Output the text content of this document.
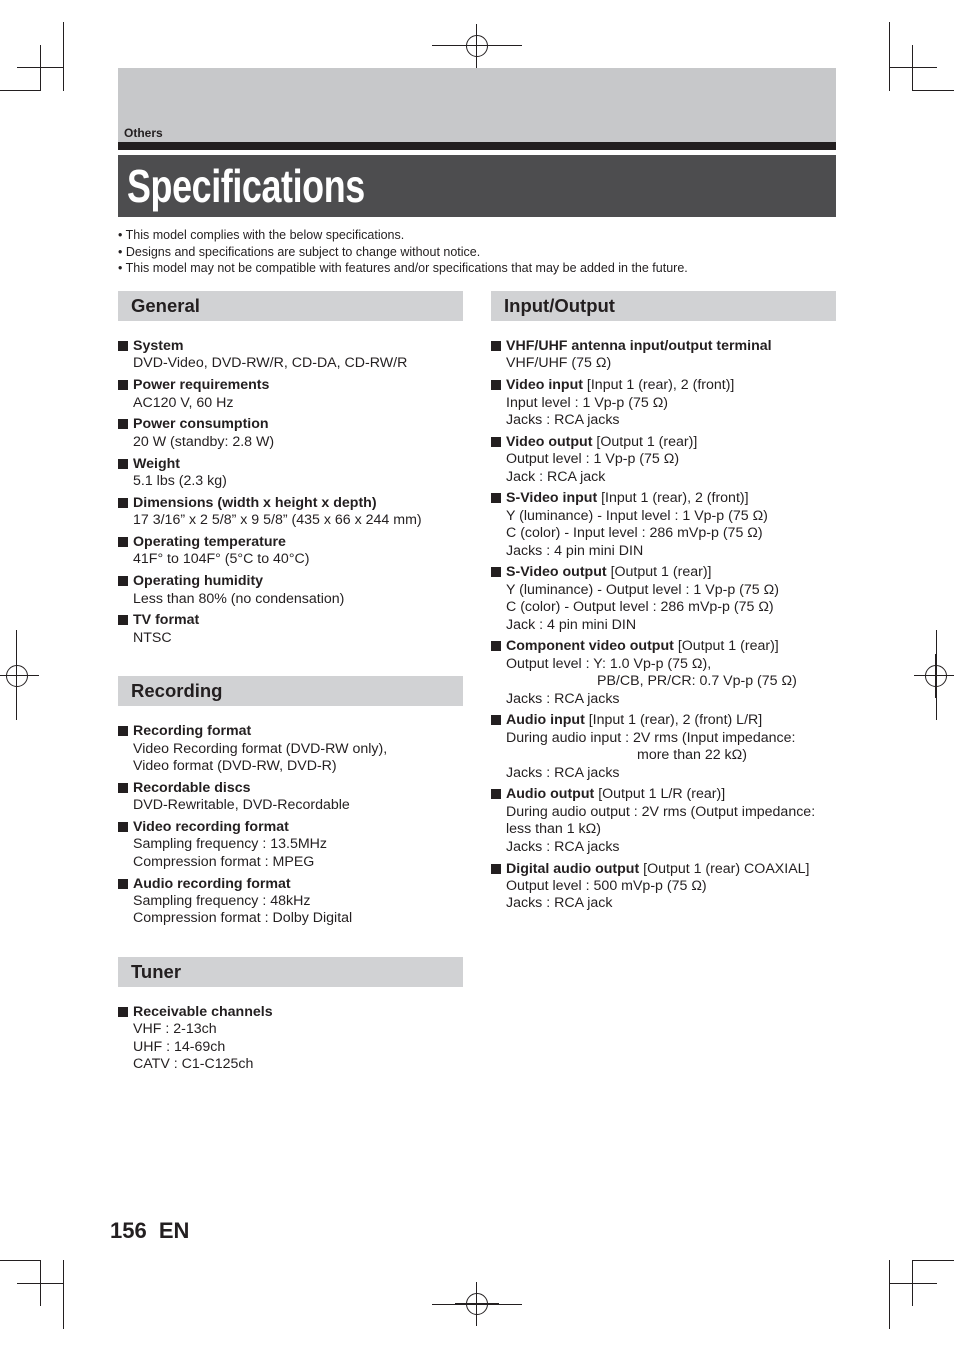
Others
Specifications
• This model complies with the below specifications.
• Designs and specifications are subject to change without notice.
• This model may not be compatible with features and/or specifications that may be added in the future.
General
System
DVD-Video, DVD-RW/R, CD-DA, CD-RW/R
Power requirements
AC120 V, 60 Hz
Power consumption
20 W (standby: 2.8 W)
Weight
5.1 lbs (2.3 kg)
Dimensions (width x height x depth)
17 3/16” x 2 5/8” x 9 5/8” (435 x 66 x 244 mm)
Operating temperature
41F° to 104F° (5°C to 40°C)
Operating humidity
Less than 80% (no condensation)
TV format
NTSC
Recording
Recording format
Video Recording format (DVD-RW only),
Video format (DVD-RW, DVD-R)
Recordable discs
DVD-Rewritable, DVD-Recordable
Video recording format
Sampling frequency : 13.5MHz
Compression format : MPEG
Audio recording format
Sampling frequency : 48kHz
Compression format : Dolby Digital
Tuner
Receivable channels
VHF : 2-13ch
UHF : 14-69ch
CATV : C1-C125ch
Input/Output
VHF/UHF antenna input/output terminal
VHF/UHF (75 Ω)
Video input [Input 1 (rear), 2 (front)]
Input level : 1 Vp-p (75 Ω)
Jacks : RCA jacks
Video output [Output 1 (rear)]
Output level : 1 Vp-p (75 Ω)
Jack : RCA jack
S-Video input [Input 1 (rear), 2 (front)]
Y (luminance) - Input level : 1 Vp-p (75 Ω)
C (color) - Input level : 286 mVp-p (75 Ω)
Jacks : 4 pin mini DIN
S-Video output [Output 1 (rear)]
Y (luminance) - Output level : 1 Vp-p (75 Ω)
C (color) - Output level : 286 mVp-p (75 Ω)
Jack : 4 pin mini DIN
Component video output [Output 1 (rear)]
Output level : Y: 1.0 Vp-p (75 Ω),
PB/CB, PR/CR: 0.7 Vp-p (75 Ω)
Jacks : RCA jacks
Audio input [Input 1 (rear), 2 (front) L/R]
During audio input : 2V rms (Input impedance:
more than 22 kΩ)
Jacks : RCA jacks
Audio output [Output 1 L/R (rear)]
During audio output : 2V rms (Output impedance:
less than 1 kΩ)
Jacks : RCA jacks
Digital audio output [Output 1 (rear) COAXIAL]
Output level : 500 mVp-p (75 Ω)
Jacks : RCA jack
156 EN
